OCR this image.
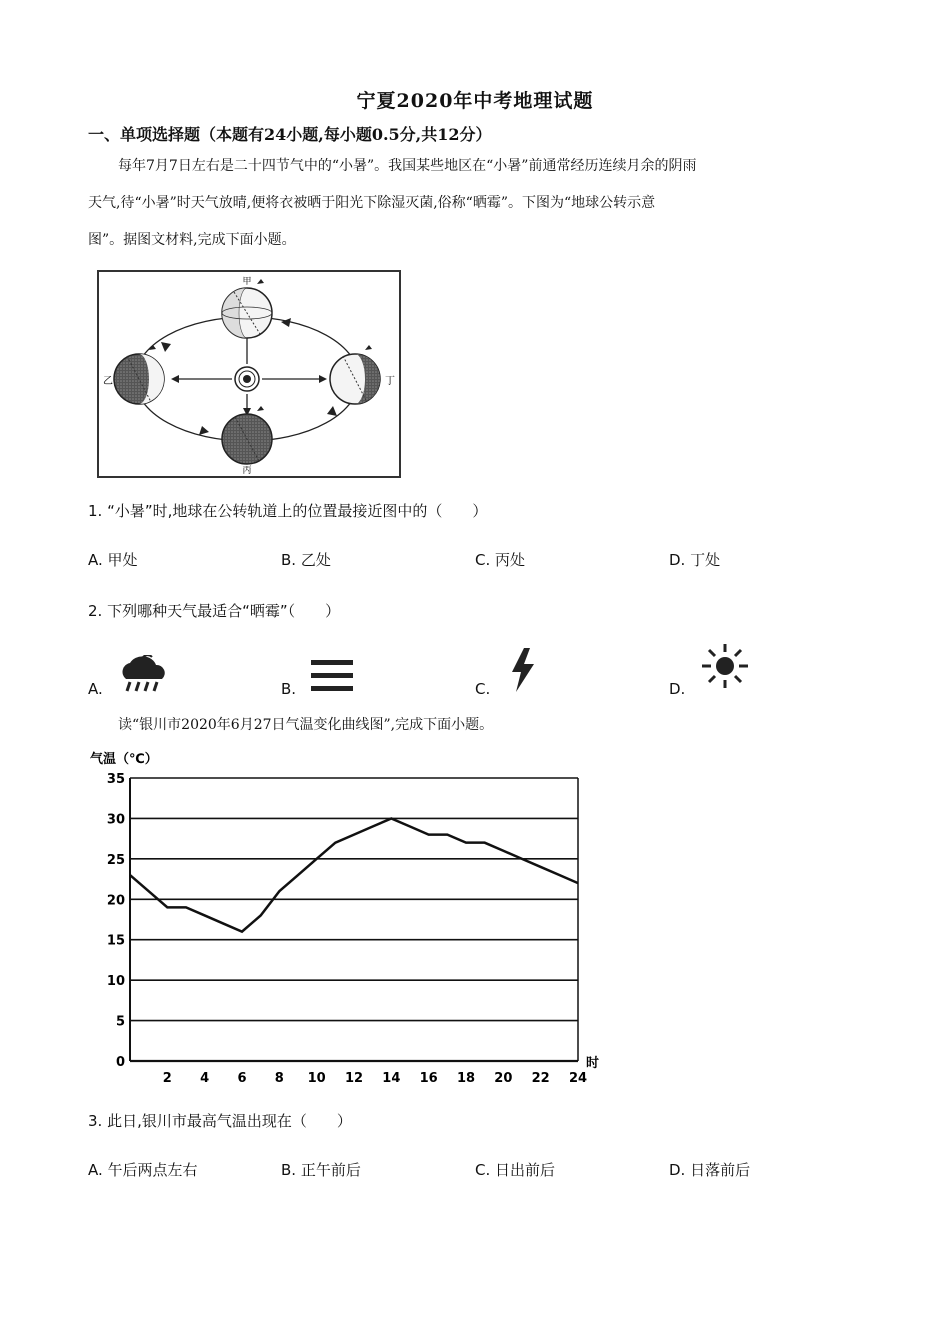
宁夏2020年中考地理试题
一、单项选择题（本题有24小题,每小题0.5分,共12分）
每年7月7日左右是二十四节气中的“小暑”。我国某些地区在“小暑”前通常经历连续月余的阴雨
天气,待“小暑”时天气放晴,便将衣被晒于阳光下除湿灭菌,俗称“晒霉”。下图为“地球公转示意
图”。据图文材料,完成下面小题。
甲
乙
丙
丁
1. “小暑”时,地球在公转轨道上的位置最接近图中的（　　）
A. 甲处	B. 乙处	C. 丙处	D. 丁处
2. 下列哪种天气最适合“晒霉”（　　）
A.	B.	C.	D.
读“银川市2020年6月27日气温变化曲线图”,完成下面小题。
气温（℃）
0
5
10
15
20
25
30
35
2 4 6 8 10 12 14 16 18 20 22 24
时
3. 此日,银川市最高气温出现在（　　）
A. 午后两点左右	B. 正午前后	C. 日出前后	D. 日落前后
